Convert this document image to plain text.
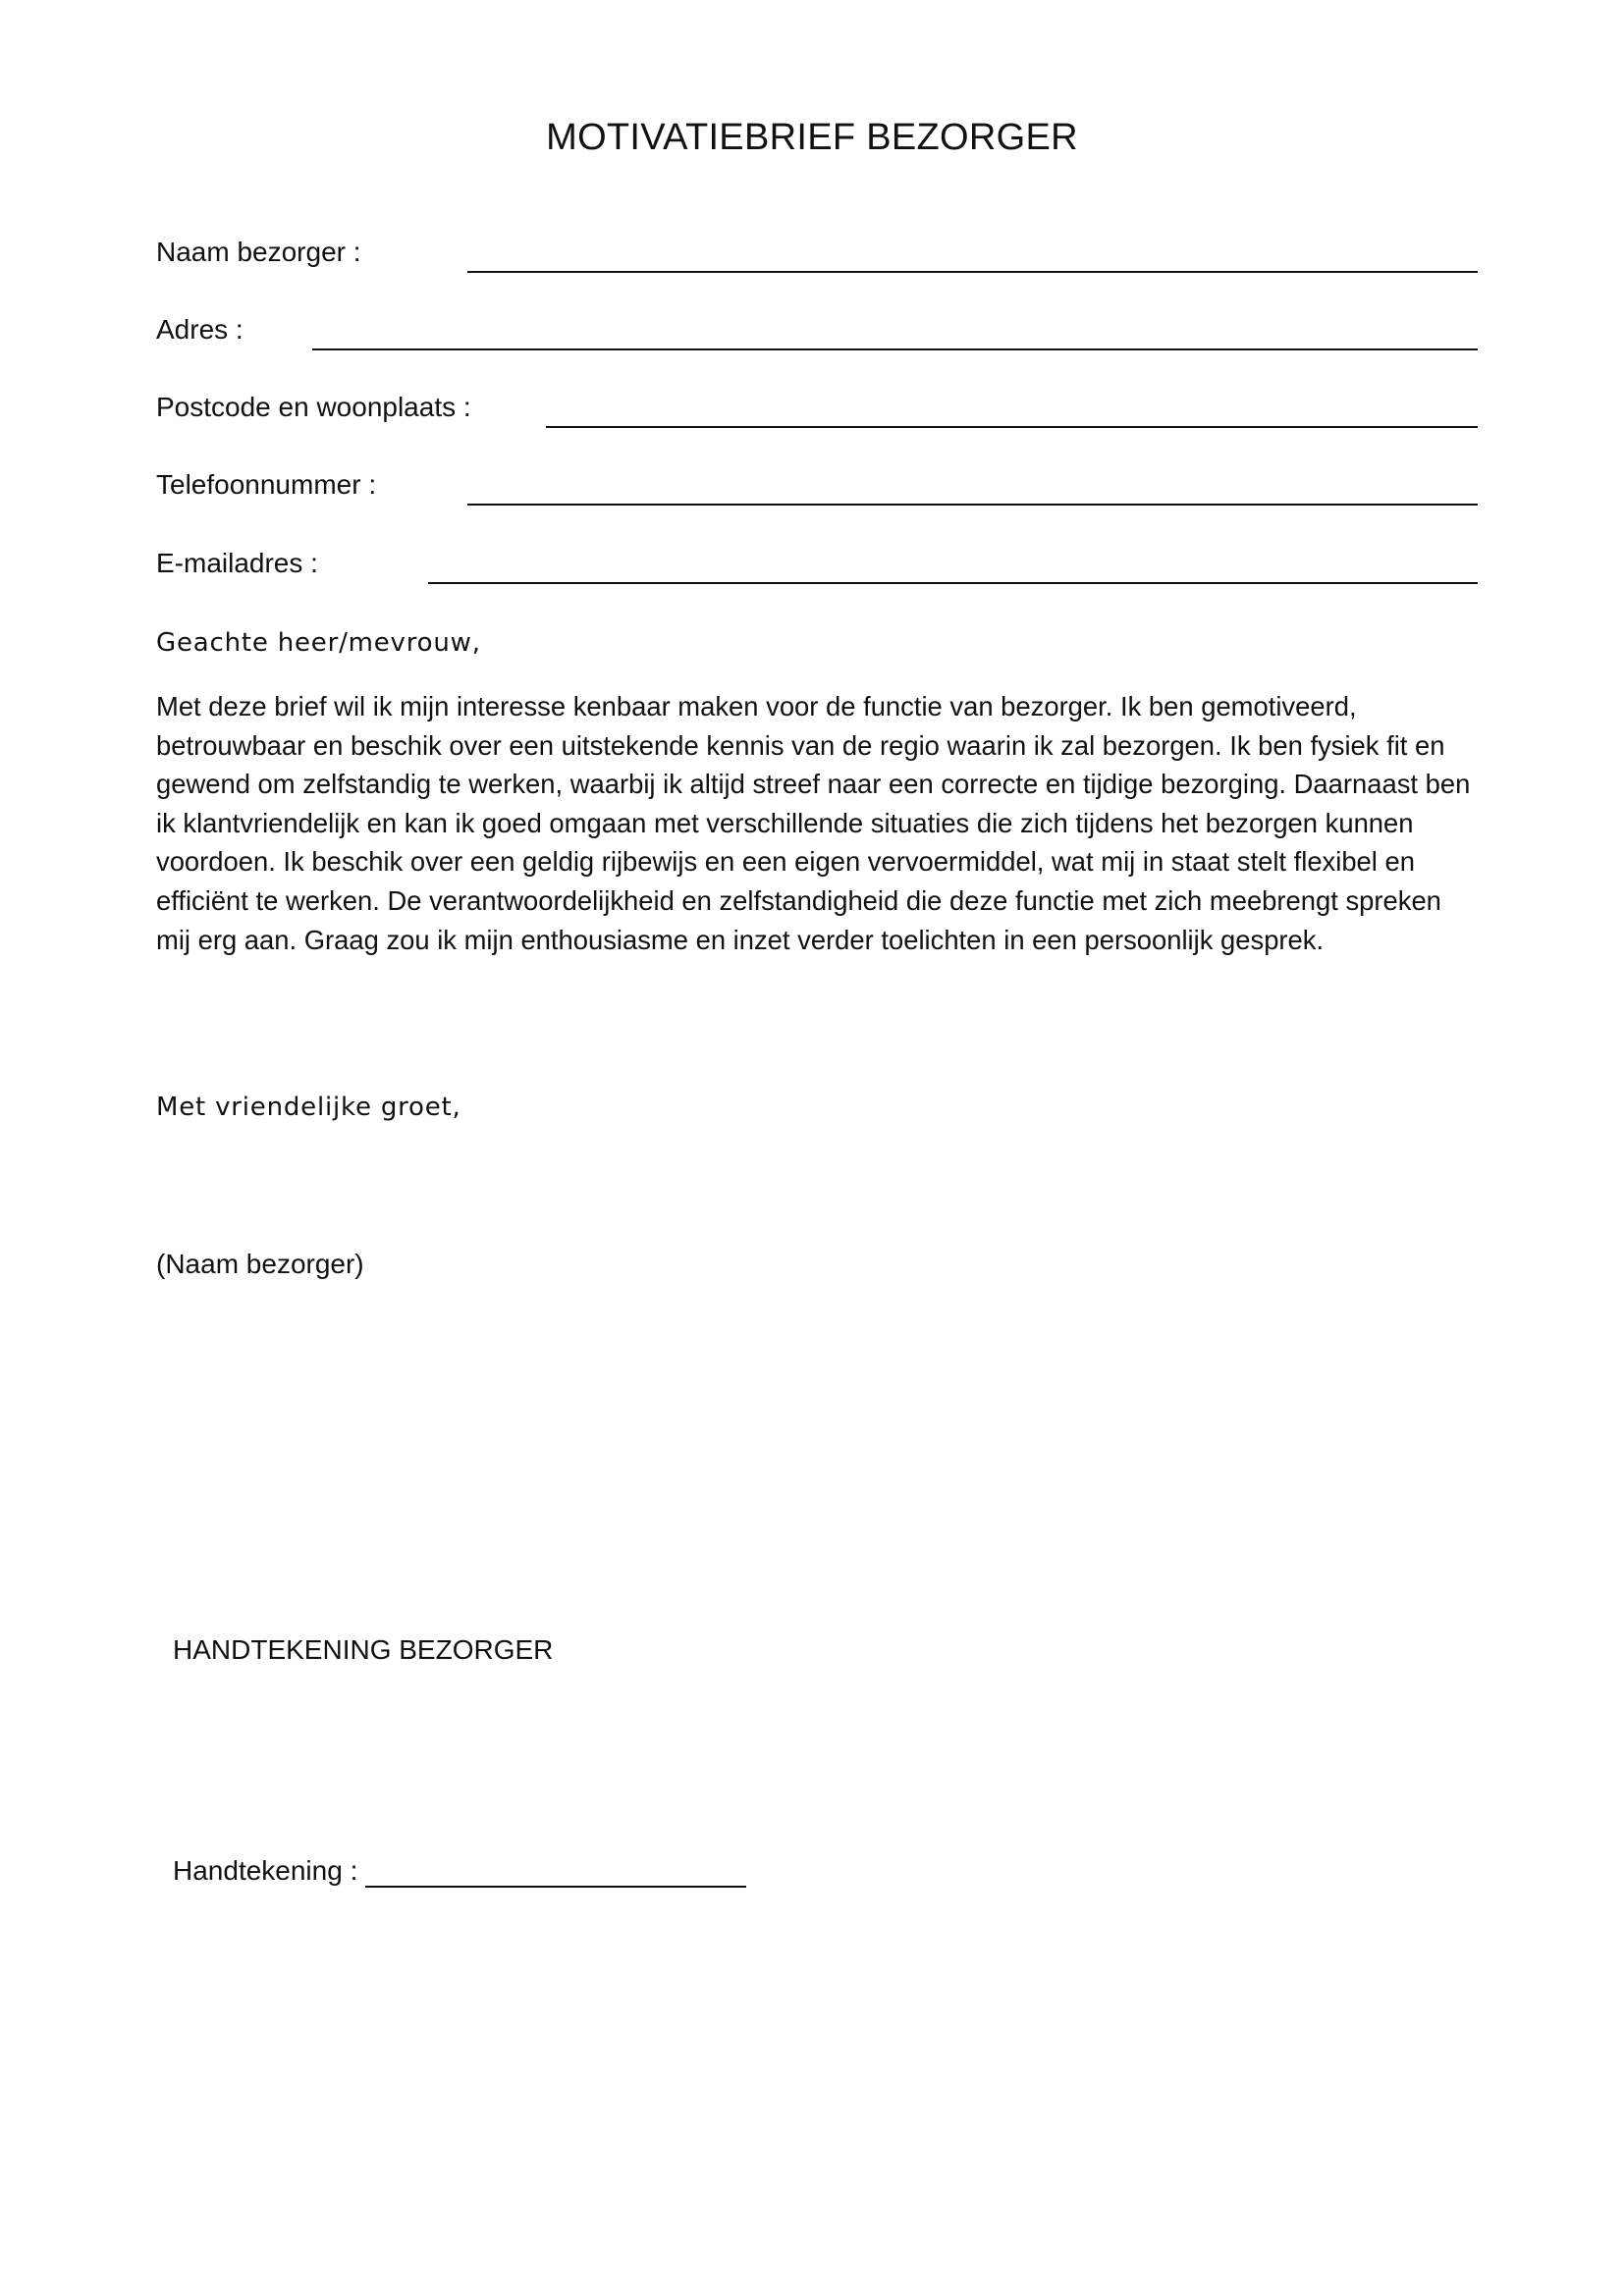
MOTIVATIEBRIEF BEZORGER
Naam bezorger :
Adres :
Postcode en woonplaats :
Telefoonnummer :
E-mailadres :
Geachte heer/mevrouw,

Met deze brief wil ik mijn interesse kenbaar maken voor de functie van bezorger. Ik ben gemotiveerd, betrouwbaar en beschik over een uitstekende kennis van de regio waarin ik zal bezorgen. Ik ben fysiek fit en gewend om zelfstandig te werken, waarbij ik altijd streef naar een correcte en tijdige bezorging. Daarnaast ben ik klantvriendelijk en kan ik goed omgaan met verschillende situaties die zich tijdens het bezorgen kunnen voordoen. Ik beschik over een geldig rijbewijs en een eigen vervoermiddel, wat mij in staat stelt flexibel en efficiënt te werken. De verantwoordelijkheid en zelfstandigheid die deze functie met zich meebrengt spreken mij erg aan. Graag zou ik mijn enthousiasme en inzet verder toelichten in een persoonlijk gesprek.

Met vriendelijke groet,
(Naam bezorger)
HANDTEKENING BEZORGER
Handtekening :
